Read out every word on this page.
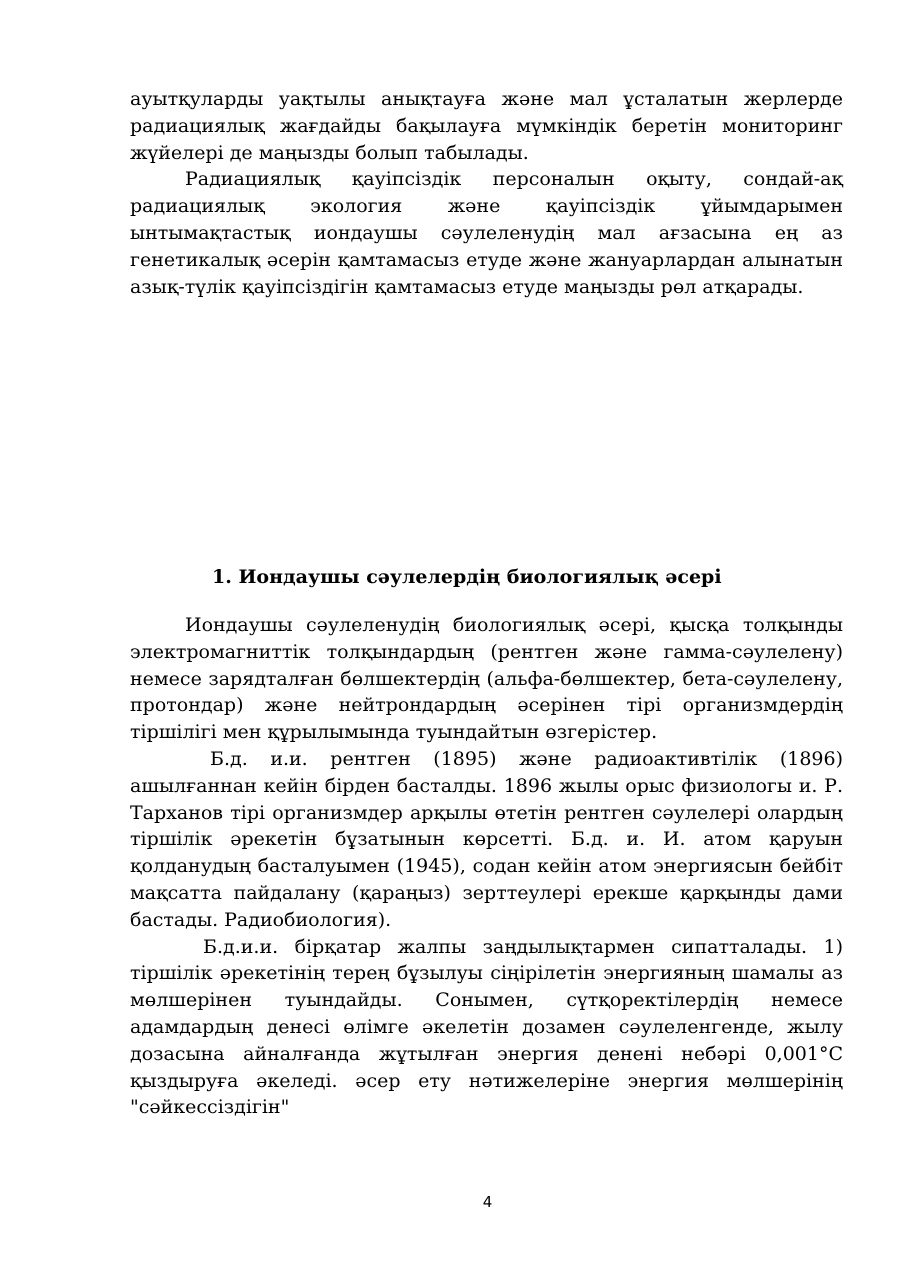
ауытқуларды уақтылы анықтауға және мал ұсталатын жерлерде радиациялық жағдайды бақылауға мүмкіндік беретін мониторинг жүйелері де маңызды болып табылады.

Радиациялық қауіпсіздік персоналын оқыту, сондай-ақ радиациялық экология және қауіпсіздік ұйымдарымен ынтымақтастық иондаушы сәулеленудің мал ағзасына ең аз генетикалық әсерін қамтамасыз етуде және жануарлардан алынатын азық-түлік қауіпсіздігін қамтамасыз етуде маңызды рөл атқарады.

1. Иондаушы сәулелердің биологиялық әсері

Иондаушы сәулеленудің биологиялық әсері, қысқа толқынды электромагниттік толқындардың (рентген және гамма-сәулелену) немесе зарядталған бөлшектердің (альфа-бөлшектер, бета-сәулелену, протондар) және нейтрондардың әсерінен тірі организмдердің тіршілігі мен құрылымында туындайтын өзгерістер.

Б.д. и.и. рентген (1895) және радиоактивтілік (1896) ашылғаннан кейін бірден басталды. 1896 жылы орыс физиологы и. Р. Тарханов тірі организмдер арқылы өтетін рентген сәулелері олардың тіршілік әрекетін бұзатынын көрсетті. Б.д. и. И. атом қаруын қолданудың басталуымен (1945), содан кейін атом энергиясын бейбіт мақсатта пайдалану (қараңыз) зерттеулері ерекше қарқынды дами бастады. Радиобиология).

Б.д.и.и. бірқатар жалпы заңдылықтармен сипатталады. 1) тіршілік әрекетінің терең бұзылуы сіңірілетін энергияның шамалы аз мөлшерінен туындайды. Сонымен, сүтқоректілердің немесе адамдардың денесі өлімге әкелетін дозамен сәулеленгенде, жылу дозасына айналғанда жұтылған энергия денені небәрі 0,001°C қыздыруға әкеледі. әсер ету нәтижелеріне энергия мөлшерінің "сәйкессіздігін"

4
